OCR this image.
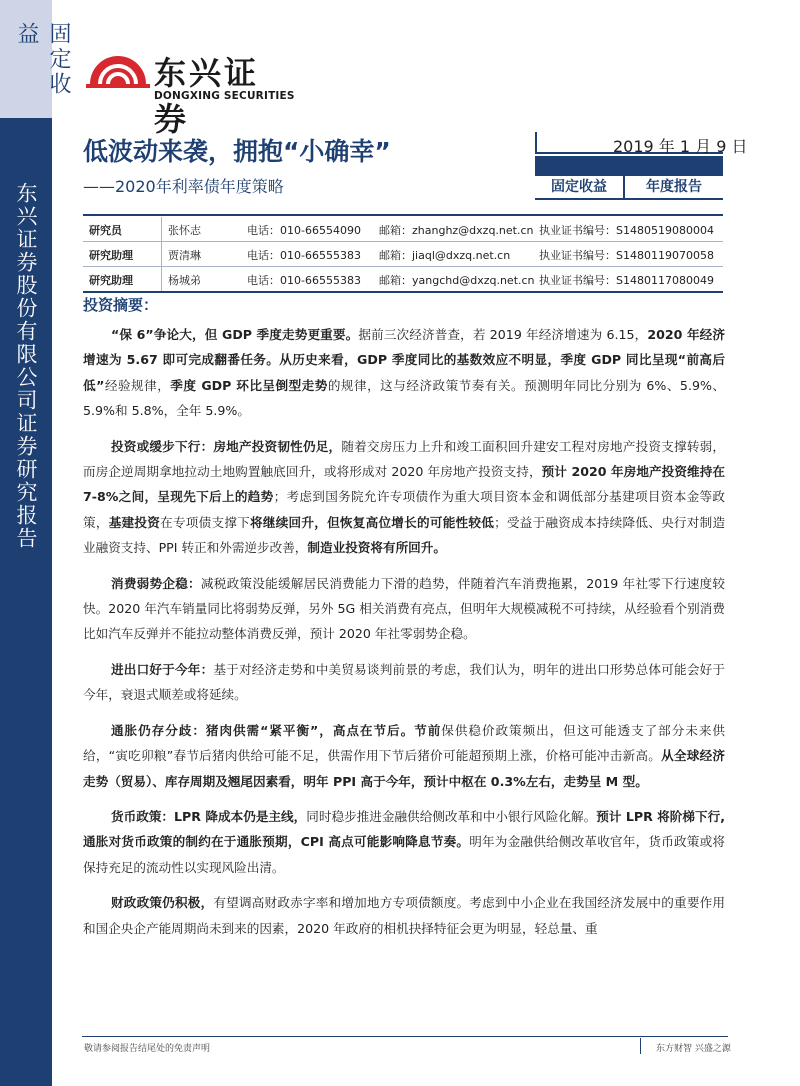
固定收益
东兴证券股份有限公司证券研究报告
东兴证券
DONGXING SECURITIES
低波动来袭，拥抱“小确幸”
——2020年利率债年度策略
2019 年 1 月 9 日
固定收益	年度报告
研究员	张怀志	电话：010-66554090 邮箱：zhanghz@dxzq.net.cn 执业证书编号：S1480519080004
研究助理	贾清琳	电话：010-66555383 邮箱：jiaql@dxzq.net.cn	执业证书编号：S1480119070058
研究助理	杨城弟	电话：010-66555383 邮箱：yangchd@dxzq.net.cn 执业证书编号：S1480117080049
投资摘要：

“保 6”争论大，但 GDP 季度走势更重要。据前三次经济普查，若 2019 年经济增速为 6.15，2020 年经济增速为 5.67 即可完成翻番任务。从历史来看，GDP 季度同比的基数效应不明显，季度 GDP 同比呈现“前高后低”经验规律，季度 GDP 环比呈倒型走势的规律，这与经济政策节奏有关。预测明年同比分别为 6%、5.9%、5.9%和 5.8%，全年 5.9%。

投资或缓步下行：房地产投资韧性仍足，随着交房压力上升和竣工面积回升建安工程对房地产投资支撑转弱，而房企逆周期拿地拉动土地购置触底回升，或将形成对 2020 年房地产投资支持，预计 2020 年房地产投资维持在 7-8%之间，呈现先下后上的趋势；考虑到国务院允许专项债作为重大项目资本金和调低部分基建项目资本金等政策，基建投资在专项债支撑下将继续回升，但恢复高位增长的可能性较低；受益于融资成本持续降低、央行对制造业融资支持、PPI 转正和外需逆步改善，制造业投资将有所回升。

消费弱势企稳：减税政策没能缓解居民消费能力下滑的趋势，伴随着汽车消费拖累，2019 年社零下行速度较快。2020 年汽车销量同比将弱势反弹，另外 5G 相关消费有亮点，但明年大规模减税不可持续，从经验看个别消费比如汽车反弹并不能拉动整体消费反弹，预计 2020 年社零弱势企稳。

进出口好于今年：基于对经济走势和中美贸易谈判前景的考虑，我们认为，明年的进出口形势总体可能会好于今年，衰退式顺差或将延续。

通胀仍存分歧：猪肉供需“紧平衡”，高点在节后。节前保供稳价政策频出，但这可能透支了部分未来供给，“寅吃卯粮”春节后猪肉供给可能不足，供需作用下节后猪价可能超预期上涨，价格可能冲击新高。从全球经济走势（贸易）、库存周期及翘尾因素看，明年 PPI 高于今年，预计中枢在 0.3%左右，走势呈 M 型。

货币政策：LPR 降成本仍是主线，同时稳步推进金融供给侧改革和中小银行风险化解。预计 LPR 将阶梯下行,通胀对货币政策的制约在于通胀预期，CPI 高点可能影响降息节奏。明年为金融供给侧改革收官年，货币政策或将保持充足的流动性以实现风险出清。

财政政策仍积极，有望调高财政赤字率和增加地方专项债额度。考虑到中小企业在我国经济发展中的重要作用和国企央企产能周期尚未到来的因素，2020 年政府的相机抉择特征会更为明显，轻总量、重

敬请参阅报告结尾处的免责声明	东方财智 兴盛之源
